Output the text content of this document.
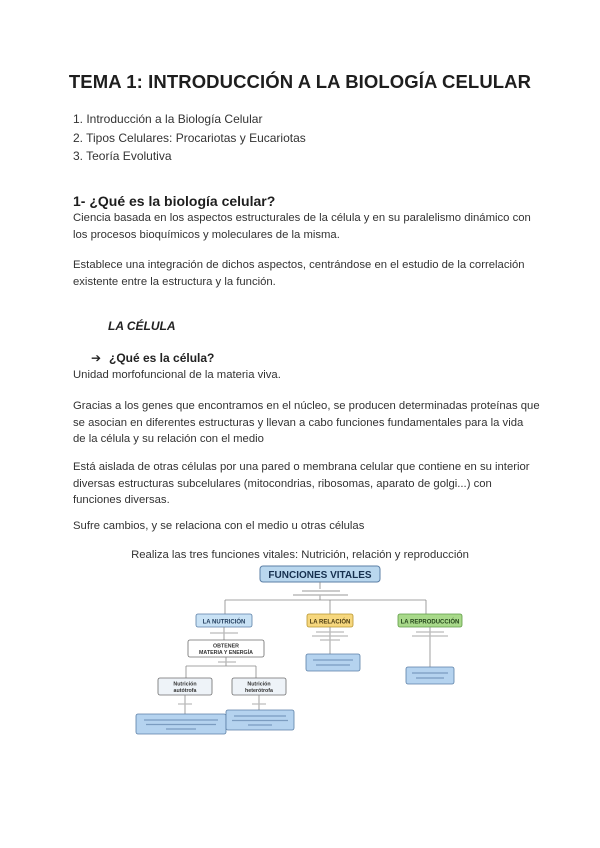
TEMA 1: INTRODUCCIÓN A LA BIOLOGÍA CELULAR
1. Introducción a la Biología Celular
2. Tipos Celulares: Procariotas y Eucariotas
3. Teoría Evolutiva
1- ¿Qué es la biología celular?
Ciencia basada en los aspectos estructurales de la célula y en su paralelismo dinámico con
los procesos bioquímicos y moleculares de la misma.
Establece una integración de dichos aspectos, centrándose en el estudio de la correlación
existente entre la estructura y la función.
LA CÉLULA
➔ ¿Qué es la célula?
Unidad morfofuncional de la materia viva.
Gracias a los genes que encontramos en el núcleo, se producen determinadas proteínas que
se asocian en diferentes estructuras y llevan a cabo funciones fundamentales para la vida
de la célula y su relación con el medio
Está aislada de otras células por una pared o membrana celular que contiene en su interior
diversas estructuras subcelulares (mitocondrias, ribosomas, aparato de golgi...) con
funciones diversas.
Sufre cambios, y se relaciona con el medio u otras células
Realiza las tres funciones vitales: Nutrición, relación y reproducción
FUNCIONES VITALES
LA NUTRICIÓN	LA RELACIÓN	LA REPRODUCCIÓN
OBTENER
MATERIA Y ENERGÍA
Nutrición
autótrofa
Nutrición
heterótrofa
